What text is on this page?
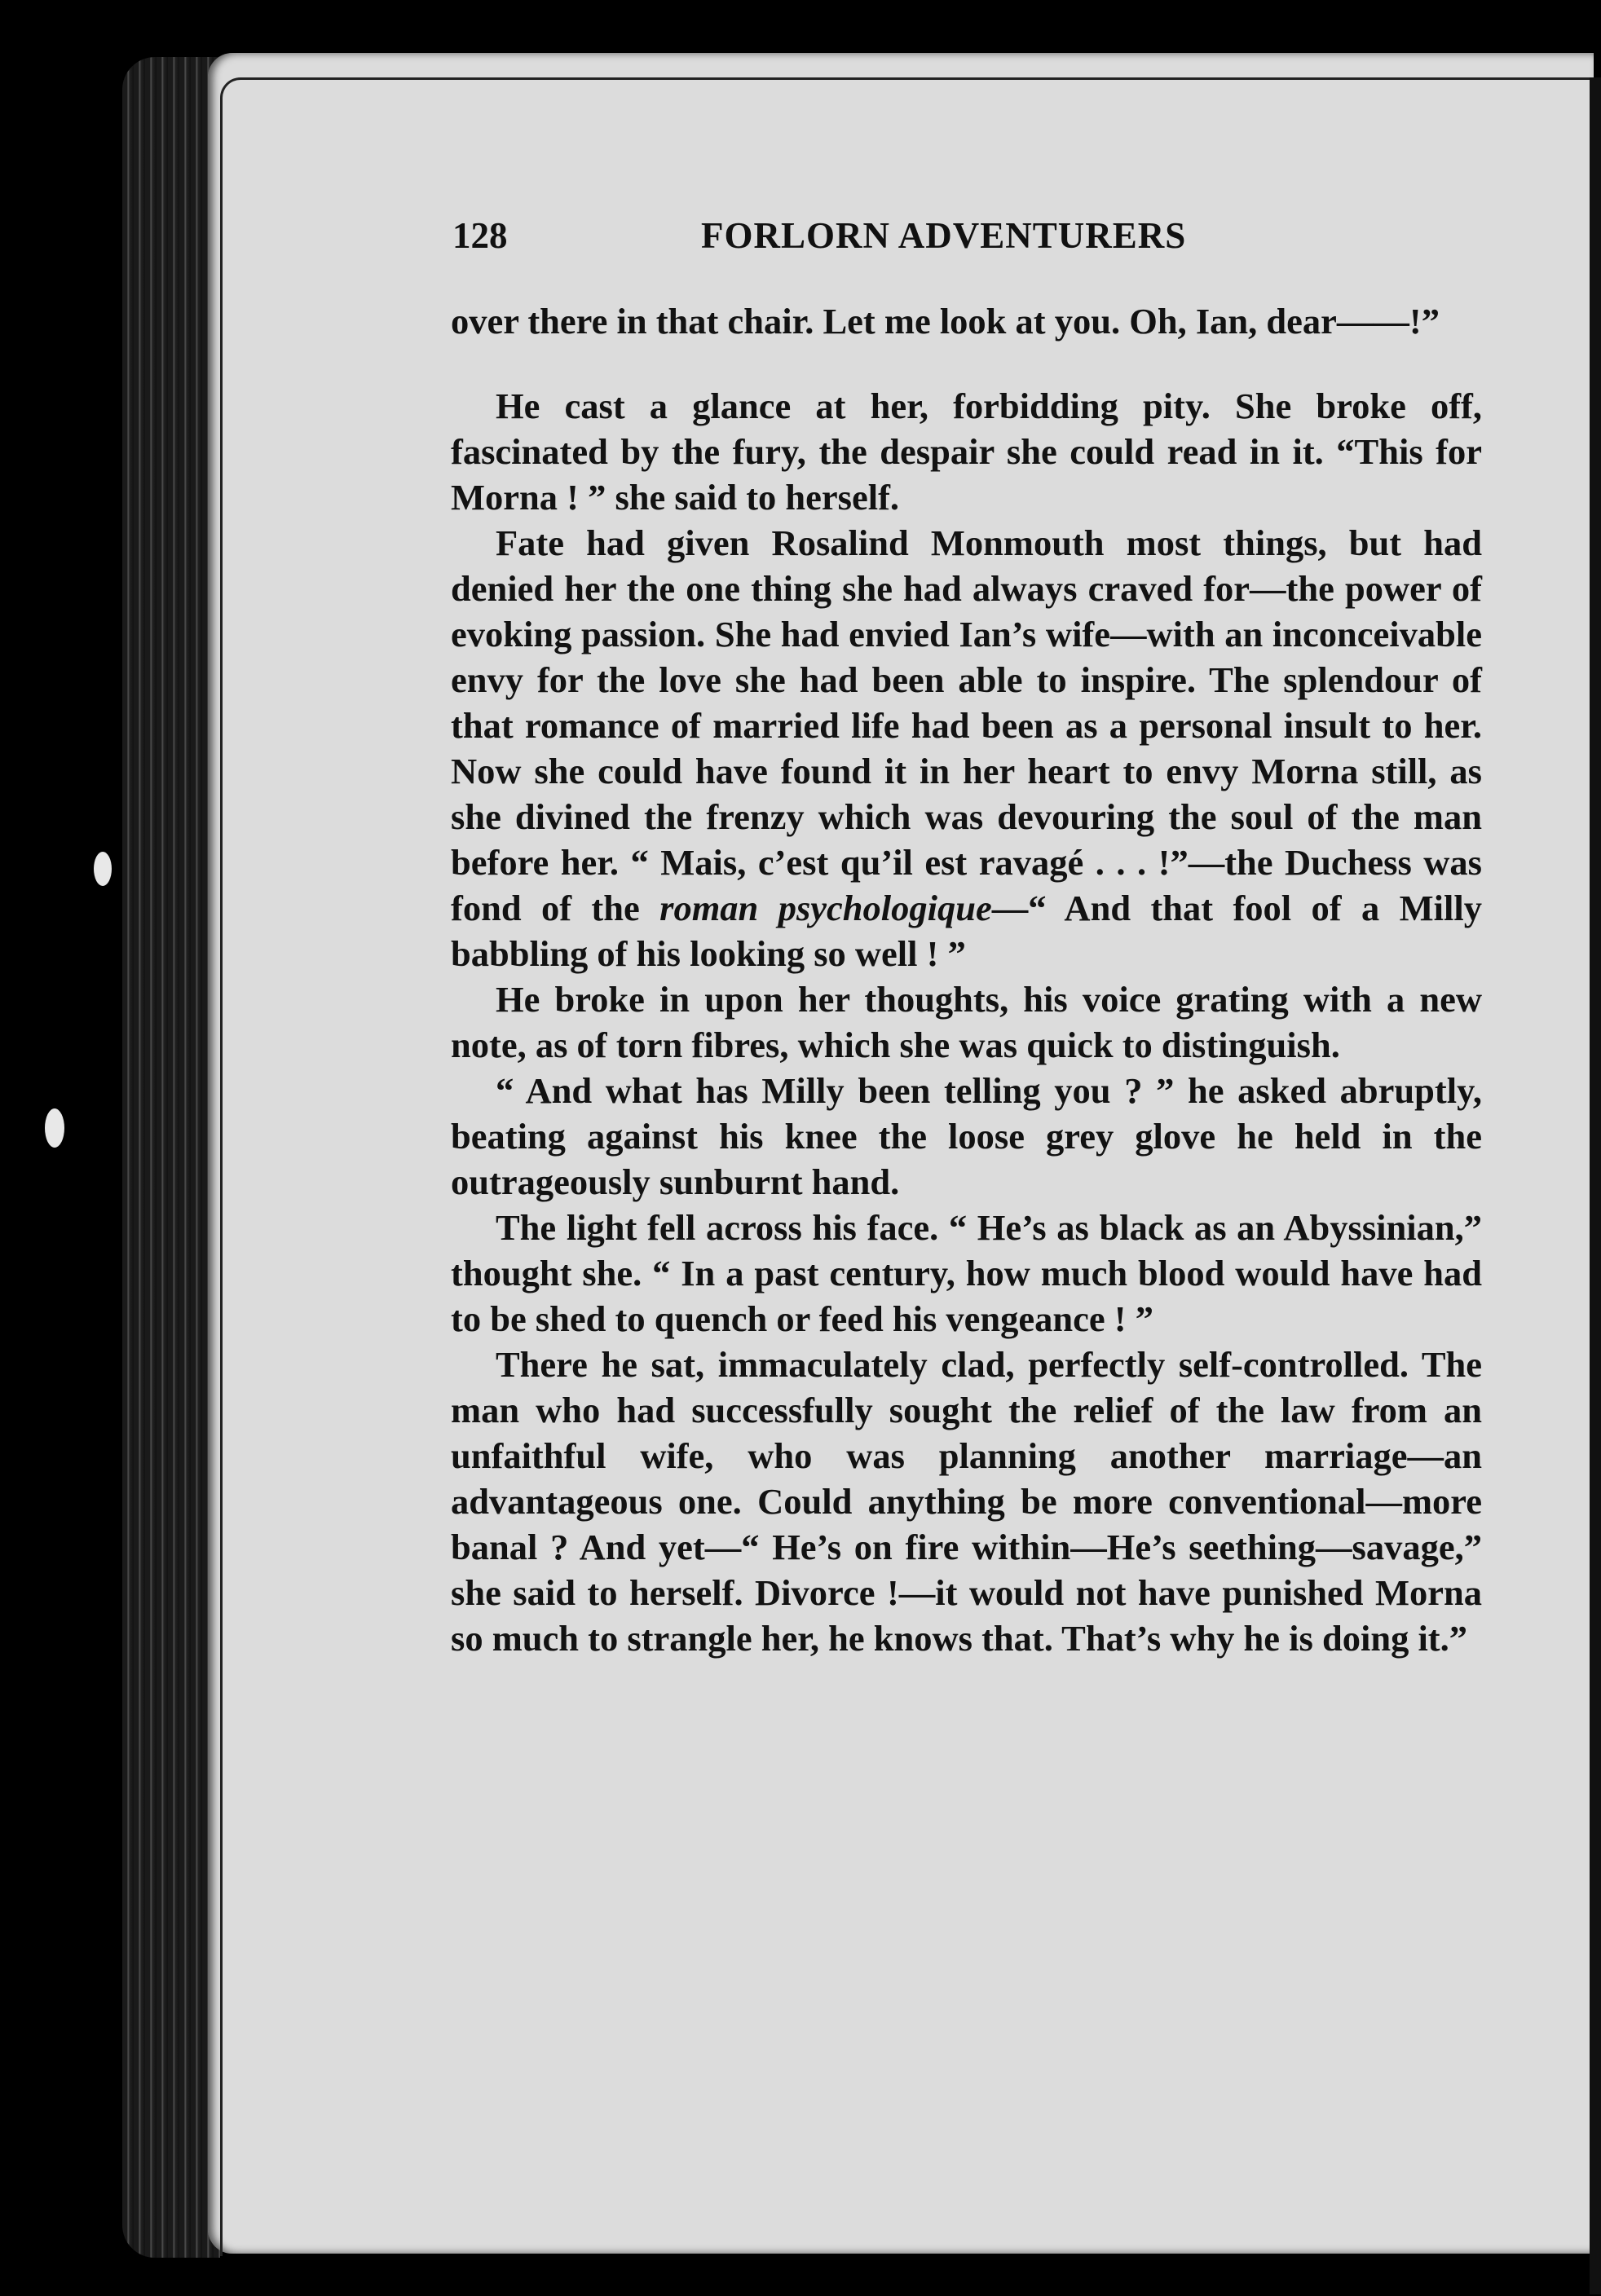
128	FORLORN ADVENTURERS

over there in that chair. Let me look at you. Oh, Ian, dear——!”

He cast a glance at her, forbidding pity. She broke off, fascinated by the fury, the despair she could read in it. “This for Morna ! ” she said to herself.

Fate had given Rosalind Monmouth most things, but had denied her the one thing she had always craved for—the power of evoking passion. She had envied Ian’s wife—with an inconceivable envy for the love she had been able to inspire. The splendour of that romance of married life had been as a personal insult to her. Now she could have found it in her heart to envy Morna still, as she divined the frenzy which was devouring the soul of the man before her. “ Mais, c’est qu’il est ravagé . . . !”—the Duchess was fond of the roman psychologique—“ And that fool of a Milly babbling of his looking so well ! ”

He broke in upon her thoughts, his voice grating with a new note, as of torn fibres, which she was quick to distinguish.

“ And what has Milly been telling you ? ” he asked abruptly, beating against his knee the loose grey glove he held in the outrageously sunburnt hand.

The light fell across his face. “ He’s as black as an Abyssinian,” thought she. “ In a past century, how much blood would have had to be shed to quench or feed his vengeance ! ”

There he sat, immaculately clad, perfectly self-controlled. The man who had successfully sought the relief of the law from an unfaithful wife, who was planning another marriage—an advantageous one. Could anything be more conventional—more banal ? And yet—“ He’s on fire within—He’s seething—savage,” she said to herself. Divorce !—it would not have punished Morna so much to strangle her, he knows that. That’s why he is doing it.”
